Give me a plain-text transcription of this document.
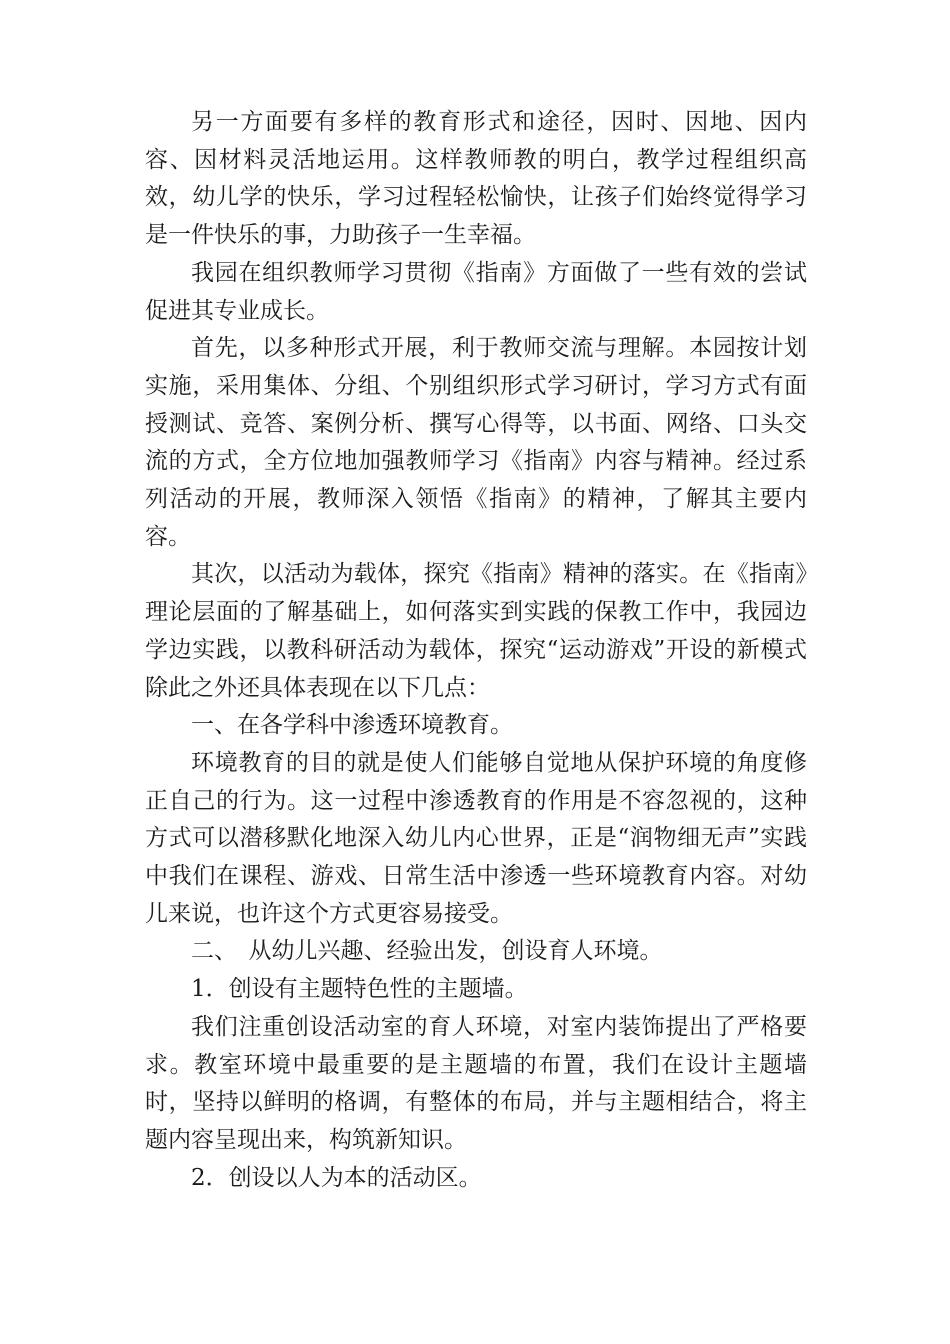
另一方面要有多样的教育形式和途径，因时、因地、因内容、因材料灵活地运用。这样教师教的明白，教学过程组织高效，幼儿学的快乐，学习过程轻松愉快，让孩子们始终觉得学习是一件快乐的事，力助孩子一生幸福。

我园在组织教师学习贯彻《指南》方面做了一些有效的尝试促进其专业成长。

首先，以多种形式开展，利于教师交流与理解。本园按计划实施，采用集体、分组、个别组织形式学习研讨，学习方式有面授测试、竞答、案例分析、撰写心得等，以书面、网络、口头交流的方式，全方位地加强教师学习《指南》内容与精神。经过系列活动的开展，教师深入领悟《指南》的精神，了解其主要内容。

其次，以活动为载体，探究《指南》精神的落实。在《指南》理论层面的了解基础上，如何落实到实践的保教工作中，我园边学边实践，以教科研活动为载体，探究“运动游戏”开设的新模式除此之外还具体表现在以下几点：

一、在各学科中渗透环境教育。

环境教育的目的就是使人们能够自觉地从保护环境的角度修正自己的行为。这一过程中渗透教育的作用是不容忽视的，这种方式可以潜移默化地深入幼儿内心世界，正是“润物细无声”实践中我们在课程、游戏、日常生活中渗透一些环境教育内容。对幼儿来说，也许这个方式更容易接受。

二、　从幼儿兴趣、经验出发，创设育人环境。

1．创设有主题特色性的主题墙。

我们注重创设活动室的育人环境，对室内装饰提出了严格要求。教室环境中最重要的是主题墙的布置，我们在设计主题墙时，坚持以鲜明的格调，有整体的布局，并与主题相结合，将主题内容呈现出来，构筑新知识。

2．创设以人为本的活动区。
